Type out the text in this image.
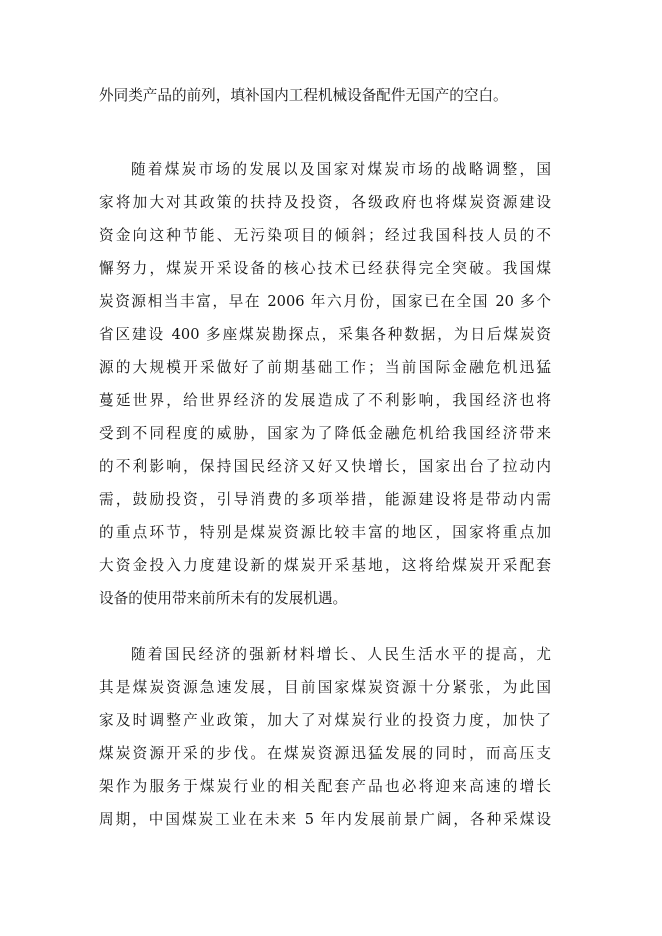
外同类产品的前列，填补国内工程机械设备配件无国产的空白。

随着煤炭市场的发展以及国家对煤炭市场的战略调整，国

家将加大对其政策的扶持及投资，各级政府也将煤炭资源建设

资金向这种节能、无污染项目的倾斜；经过我国科技人员的不

懈努力，煤炭开采设备的核心技术已经获得完全突破。我国煤

炭资源相当丰富，早在 2006 年六月份，国家已在全国 20 多个

省区建设 400 多座煤炭勘探点，采集各种数据，为日后煤炭资

源的大规模开采做好了前期基础工作；当前国际金融危机迅猛

蔓延世界，给世界经济的发展造成了不利影响，我国经济也将

受到不同程度的威胁，国家为了降低金融危机给我国经济带来

的不利影响，保持国民经济又好又快增长，国家出台了拉动内

需，鼓励投资，引导消费的多项举措，能源建设将是带动内需

的重点环节，特别是煤炭资源比较丰富的地区，国家将重点加

大资金投入力度建设新的煤炭开采基地，这将给煤炭开采配套

设备的使用带来前所未有的发展机遇。

随着国民经济的强新材料增长、人民生活水平的提高，尤

其是煤炭资源急速发展，目前国家煤炭资源十分紧张，为此国

家及时调整产业政策，加大了对煤炭行业的投资力度，加快了

煤炭资源开采的步伐。在煤炭资源迅猛发展的同时，而高压支

架作为服务于煤炭行业的相关配套产品也必将迎来高速的增长

周期，中国煤炭工业在未来 5 年内发展前景广阔，各种采煤设
